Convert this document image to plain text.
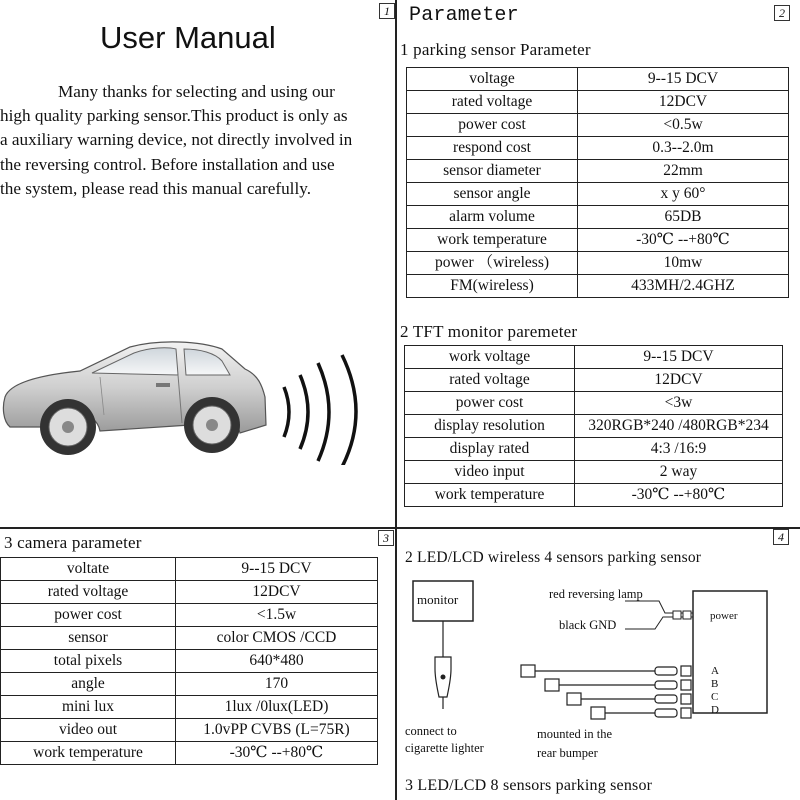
1
User Manual
Many thanks for selecting and using our
high quality parking sensor.This product is only as
a auxiliary warning device, not directly involved in
the reversing control. Before installation and use
the system, please read this manual carefully.
2
Parameter
1 parking sensor Parameter
voltage	9--15 DCV
rated voltage	12DCV
power cost	<0.5w
respond cost	0.3--2.0m
sensor diameter	22mm
sensor angle	x y 60°
alarm volume	65DB
work temperature	-30℃ --+80℃
power （wireless)	10mw
FM(wireless)	433MH/2.4GHZ
2 TFT monitor paremeter
work voltage	9--15 DCV
rated voltage	12DCV
power cost	<3w
display resolution	320RGB*240 /480RGB*234
display rated	4:3 /16:9
video input	2 way
work temperature	-30℃ --+80℃
3
3 camera parameter
voltate	9--15 DCV
rated voltage	12DCV
power cost	<1.5w
sensor	color CMOS /CCD
total pixels	640*480
angle	170
mini lux	1lux /0lux(LED)
video out	1.0vPP CVBS (L=75R)
work temperature	-30℃ --+80℃
4
2 LED/LCD wireless 4 sensors parking sensor
monitor	red reversing lamp
black GND
power
A
B
C
D
connect to
cigarette lighter
mounted in the
rear bumper
3 LED/LCD 8 sensors parking sensor
